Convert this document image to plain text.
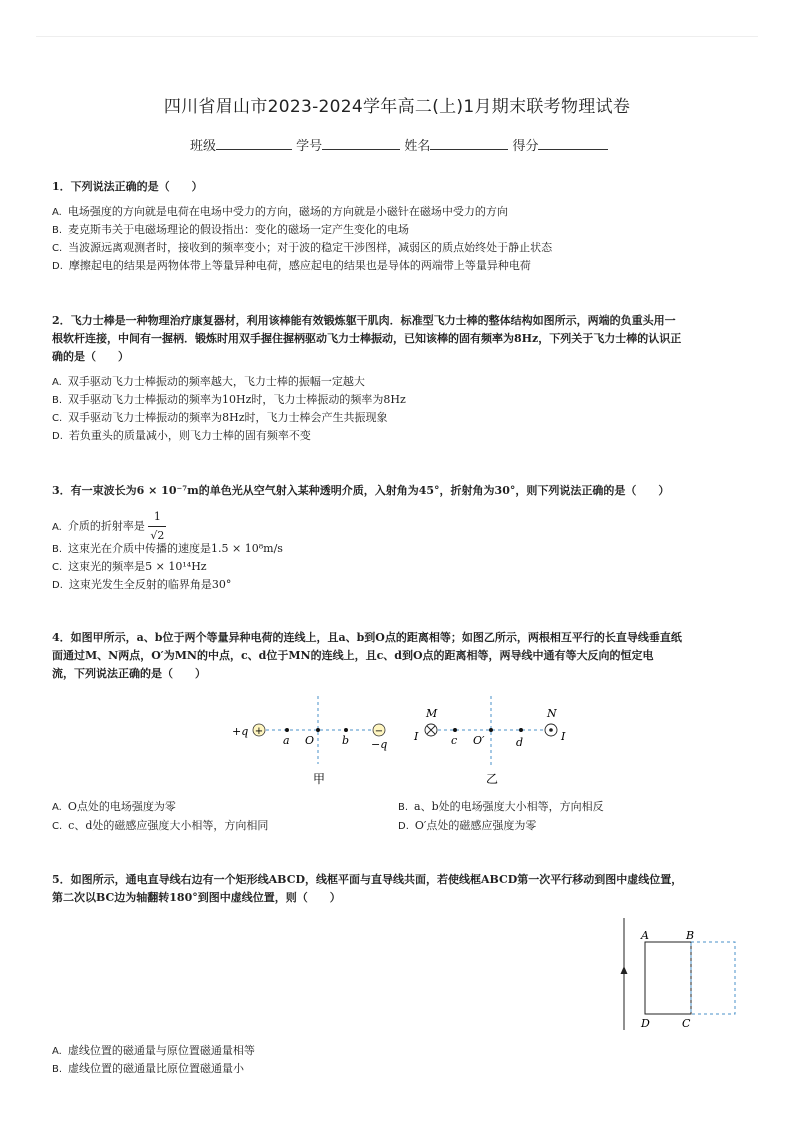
四川省眉山市2023-2024学年高二(上)1月期末联考物理试卷
班级	学号	姓名	得分
1．下列说法正确的是（　　）
A. 电场强度的方向就是电荷在电场中受力的方向，磁场的方向就是小磁针在磁场中受力的方向
B. 麦克斯韦关于电磁场理论的假设指出：变化的磁场一定产生变化的电场
C. 当波源远离观测者时，接收到的频率变小；对于波的稳定干涉图样，减弱区的质点始终处于静止状态
D. 摩擦起电的结果是两物体带上等量异种电荷，感应起电的结果也是导体的两端带上等量异种电荷
2．飞力士棒是一种物理治疗康复器材，利用该棒能有效锻炼躯干肌肉．标准型飞力士棒的整体结构如图所示，两端的负重头用一
根软杆连接，中间有一握柄．锻炼时用双手握住握柄驱动飞力士棒振动，已知该棒的固有频率为8Hz，下列关于飞力士棒的认识正
确的是（　　）
A. 双手驱动飞力士棒振动的频率越大，飞力士棒的振幅一定越大
B. 双手驱动飞力士棒振动的频率为10Hz时，飞力士棒振动的频率为8Hz
C. 双手驱动飞力士棒振动的频率为8Hz时，飞力士棒会产生共振现象
D. 若负重头的质量减小，则飞力士棒的固有频率不变
3．有一束波长为6 × 10⁻⁷m的单色光从空气射入某种透明介质，入射角为45°，折射角为30°，则下列说法正确的是（　　）
A. 介质的折射率是 $\frac{1}{√2}$
B. 这束光在介质中传播的速度是1.5 × 10⁸m/s
C. 这束光的频率是5 × 10¹⁴Hz
D. 这束光发生全反射的临界角是30°
4．如图甲所示，a、b位于两个等量异种电荷的连线上，且a、b到O点的距离相等；如图乙所示，两根相互平行的长直导线垂直纸
面通过M、N两点，O′为MN的中点，c、d位于MN的连线上，且c、d到O点的距离相等，两导线中通有等大反向的恒定电
流，下列说法正确的是（　　）
+	−
+q
−q
a O	b
甲
M	N
I	I
c O′	d
乙
A. O点处的电场强度为零	B. a、b处的电场强度大小相等，方向相反
C. c、d处的磁感应强度大小相等，方向相同	D. O′点处的磁感应强度为零
5．如图所示，通电直导线右边有一个矩形线ABCD，线框平面与直导线共面，若使线框ABCD第一次平行移动到图中虚线位置，
第二次以BC边为轴翻转180°到图中虚线位置，则（　　）
A	B
C
D
A. 虚线位置的磁通量与原位置磁通量相等
B. 虚线位置的磁通量比原位置磁通量小
